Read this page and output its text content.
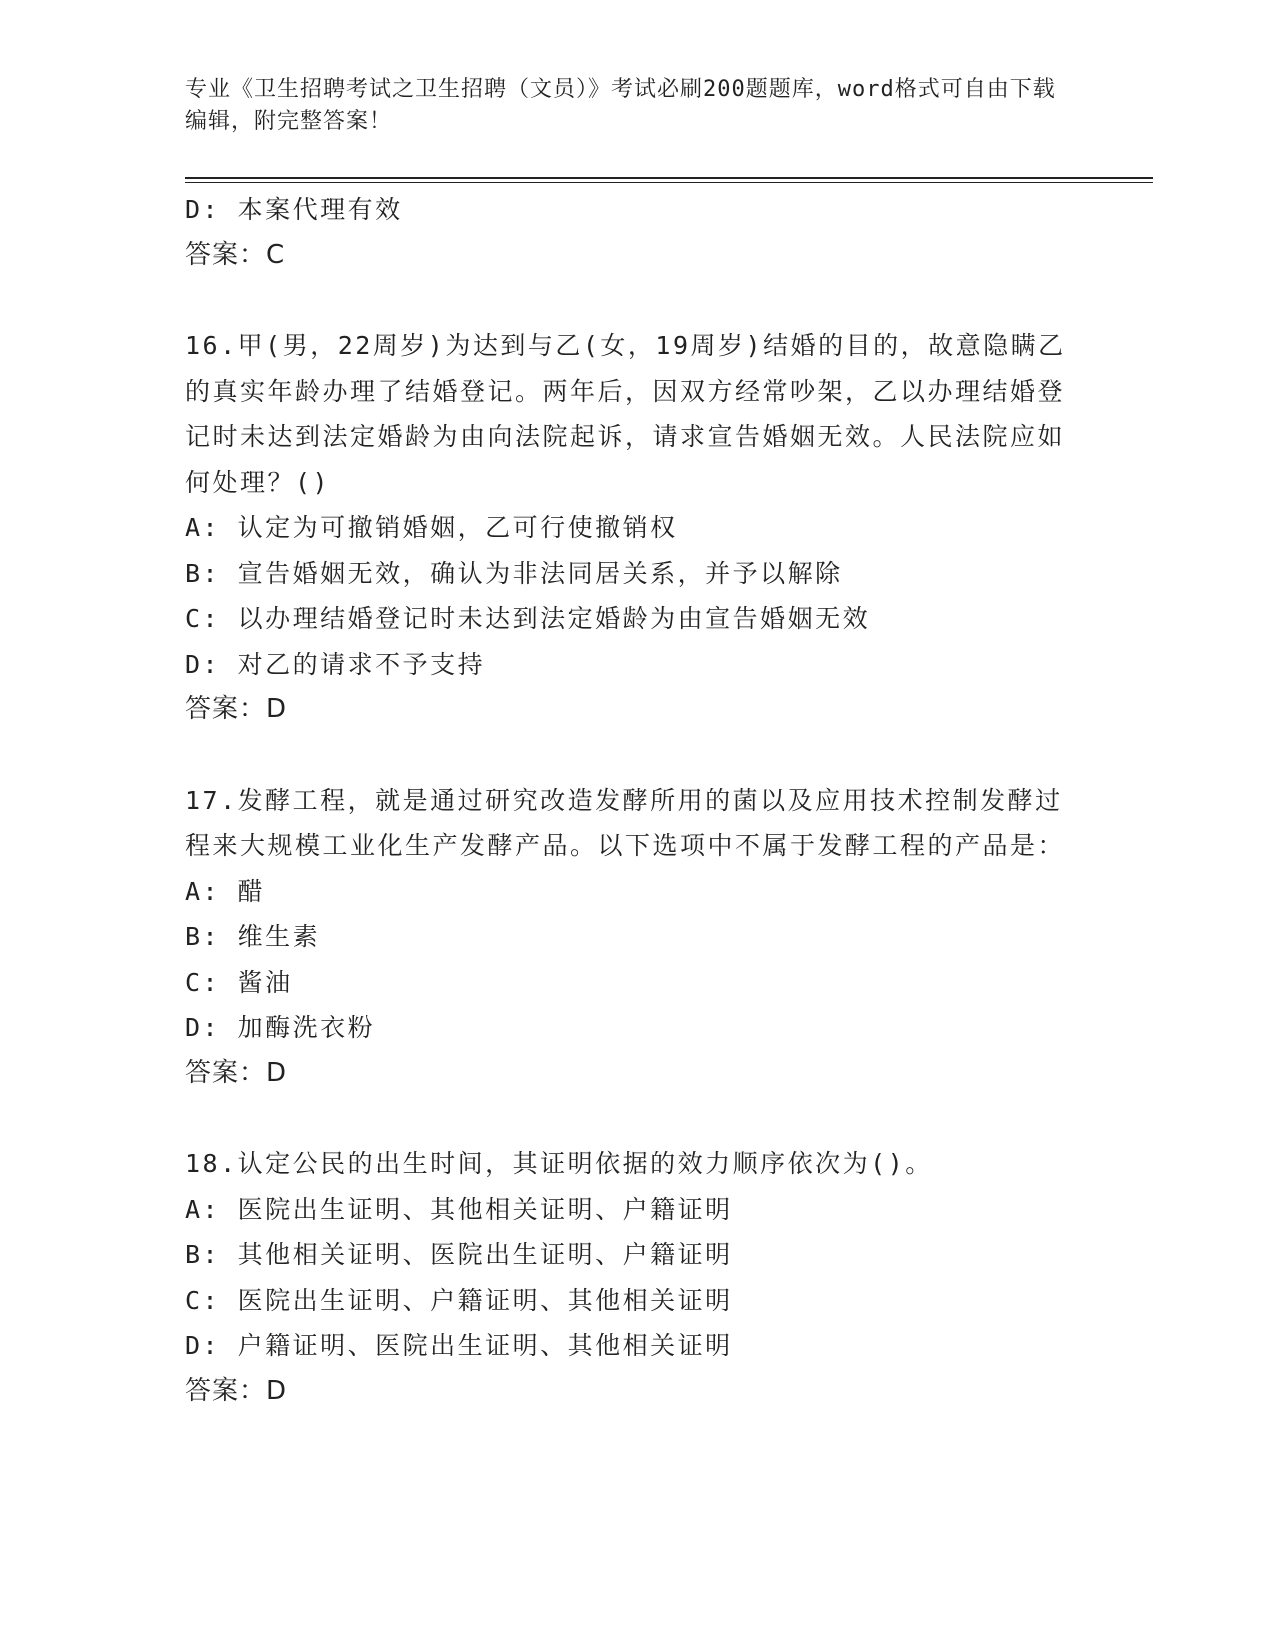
专业《卫生招聘考试之卫生招聘（文员）》考试必刷200题题库，word格式可自由下载编辑，附完整答案！

D: 本案代理有效

答案：C

16.甲(男，22周岁)为达到与乙(女，19周岁)结婚的目的，故意隐瞒乙的真实年龄办理了结婚登记。两年后，因双方经常吵架，乙以办理结婚登记时未达到法定婚龄为由向法院起诉，请求宣告婚姻无效。人民法院应如何处理？()

A: 认定为可撤销婚姻，乙可行使撤销权

B: 宣告婚姻无效，确认为非法同居关系，并予以解除

C: 以办理结婚登记时未达到法定婚龄为由宣告婚姻无效

D: 对乙的请求不予支持

答案：D

17.发酵工程，就是通过研究改造发酵所用的菌以及应用技术控制发酵过程来大规模工业化生产发酵产品。以下选项中不属于发酵工程的产品是：

A: 醋

B: 维生素

C: 酱油

D: 加酶洗衣粉

答案：D

18.认定公民的出生时间，其证明依据的效力顺序依次为()。

A: 医院出生证明、其他相关证明、户籍证明

B: 其他相关证明、医院出生证明、户籍证明

C: 医院出生证明、户籍证明、其他相关证明

D: 户籍证明、医院出生证明、其他相关证明

答案：D
